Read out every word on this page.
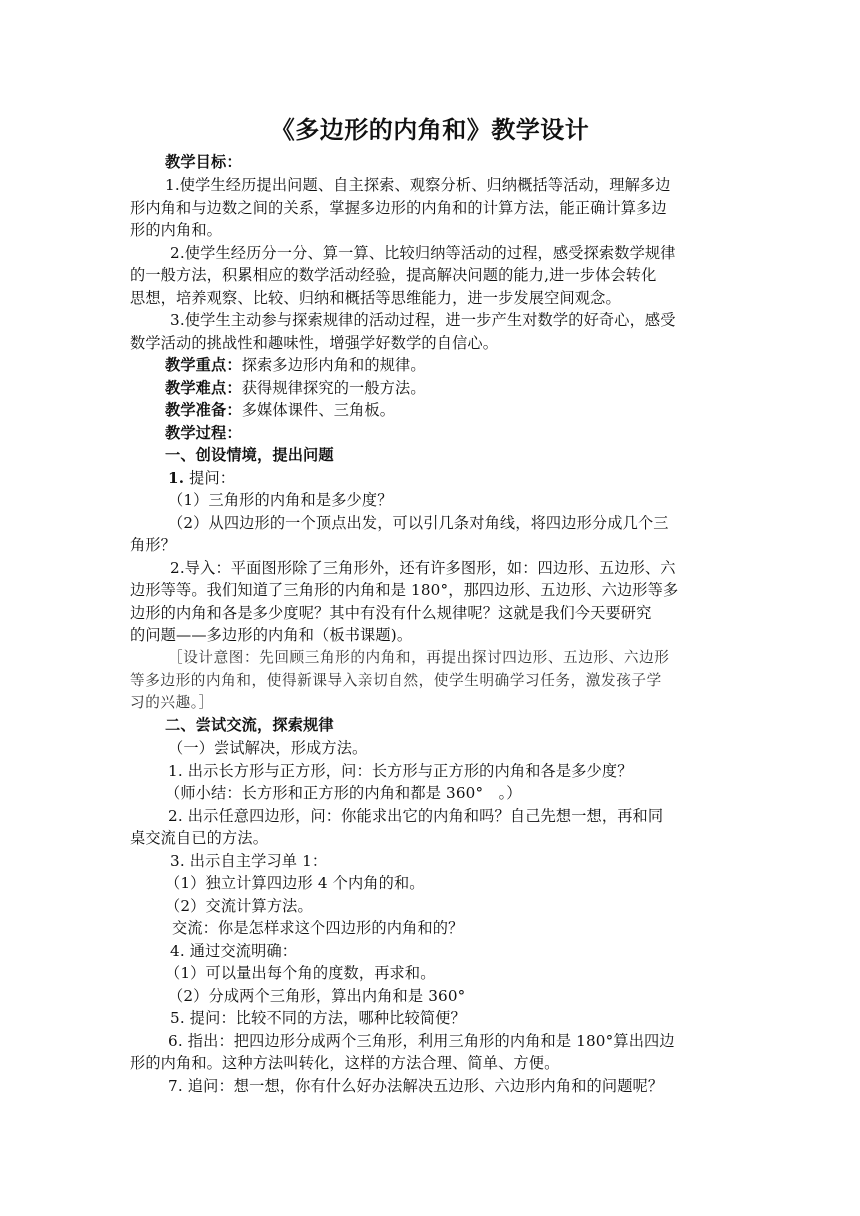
《多边形的内角和》教学设计
教学目标：
1.使学生经历提出问题、自主探索、观察分析、归纳概括等活动，理解多边
形内角和与边数之间的关系，掌握多边形的内角和的计算方法，能正确计算多边
形的内角和。
2.使学生经历分一分、算一算、比较归纳等活动的过程，感受探索数学规律
的一般方法，积累相应的数学活动经验，提高解决问题的能力,进一步体会转化
思想，培养观察、比较、归纳和概括等思维能力，进一步发展空间观念。
3.使学生主动参与探索规律的活动过程，进一步产生对数学的好奇心，感受
数学活动的挑战性和趣味性，增强学好数学的自信心。
教学重点：探索多边形内角和的规律。
教学难点：获得规律探究的一般方法。
教学准备：多媒体课件、三角板。
教学过程：
一、创设情境，提出问题
1. 提问：
（1）三角形的内角和是多少度？
（2）从四边形的一个顶点出发，可以引几条对角线，将四边形分成几个三
角形？
2.导入：平面图形除了三角形外，还有许多图形，如：四边形、五边形、六
边形等等。我们知道了三角形的内角和是 180°，那四边形、五边形、六边形等多
边形的内角和各是多少度呢？其中有没有什么规律呢？这就是我们今天要研究
的问题——多边形的内角和（板书课题)。
［设计意图：先回顾三角形的内角和，再提出探讨四边形、五边形、六边形
等多边形的内角和，使得新课导入亲切自然，使学生明确学习任务，激发孩子学
习的兴趣。］
二、尝试交流，探索规律
（一）尝试解决，形成方法。
1. 出示长方形与正方形，问：长方形与正方形的内角和各是多少度？
（师小结：长方形和正方形的内角和都是 360°　。）
2. 出示任意四边形，问：你能求出它的内角和吗？自己先想一想，再和同
桌交流自已的方法。
3. 出示自主学习单 1：
（1）独立计算四边形 4 个内角的和。
（2）交流计算方法。
交流：你是怎样求这个四边形的内角和的？
4. 通过交流明确：
（1）可以量出每个角的度数，再求和。
（2）分成两个三角形，算出内角和是 360°
5. 提问：比较不同的方法，哪种比较简便？
6. 指出：把四边形分成两个三角形，利用三角形的内角和是 180°算出四边
形的内角和。这种方法叫转化，这样的方法合理、简单、方便。
7. 追问：想一想，你有什么好办法解决五边形、六边形内角和的问题呢？
